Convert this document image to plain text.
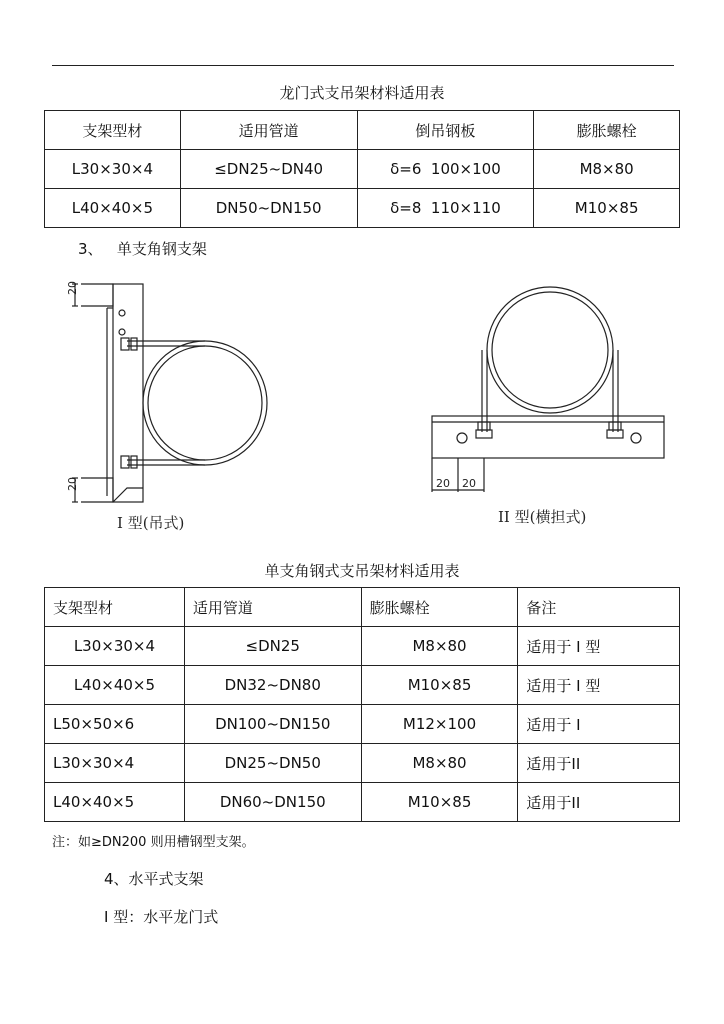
龙门式支吊架材料适用表
支架型材	适用管道	倒吊钢板	膨胀螺栓
L30×30×4	≤DN25~DN40	δ=6  100×100	M8×80
L40×40×5	DN50~DN150	δ=8  110×110	M10×85
3、   单支角钢支架
20
20
I 型(吊式)
20 20
II 型(横担式)
单支角钢式支吊架材料适用表
支架型材	适用管道	膨胀螺栓	备注
L30×30×4	≤DN25	M8×80	适用于 I 型
L40×40×5	DN32~DN80	M10×85	适用于 I 型
L50×50×6	DN100~DN150	M12×100	适用于 I
L30×30×4	DN25~DN50	M8×80	适用于II
L40×40×5	DN60~DN150	M10×85	适用于II
注：如≥DN200 则用槽钢型支架。
4、水平式支架
I 型：水平龙门式
